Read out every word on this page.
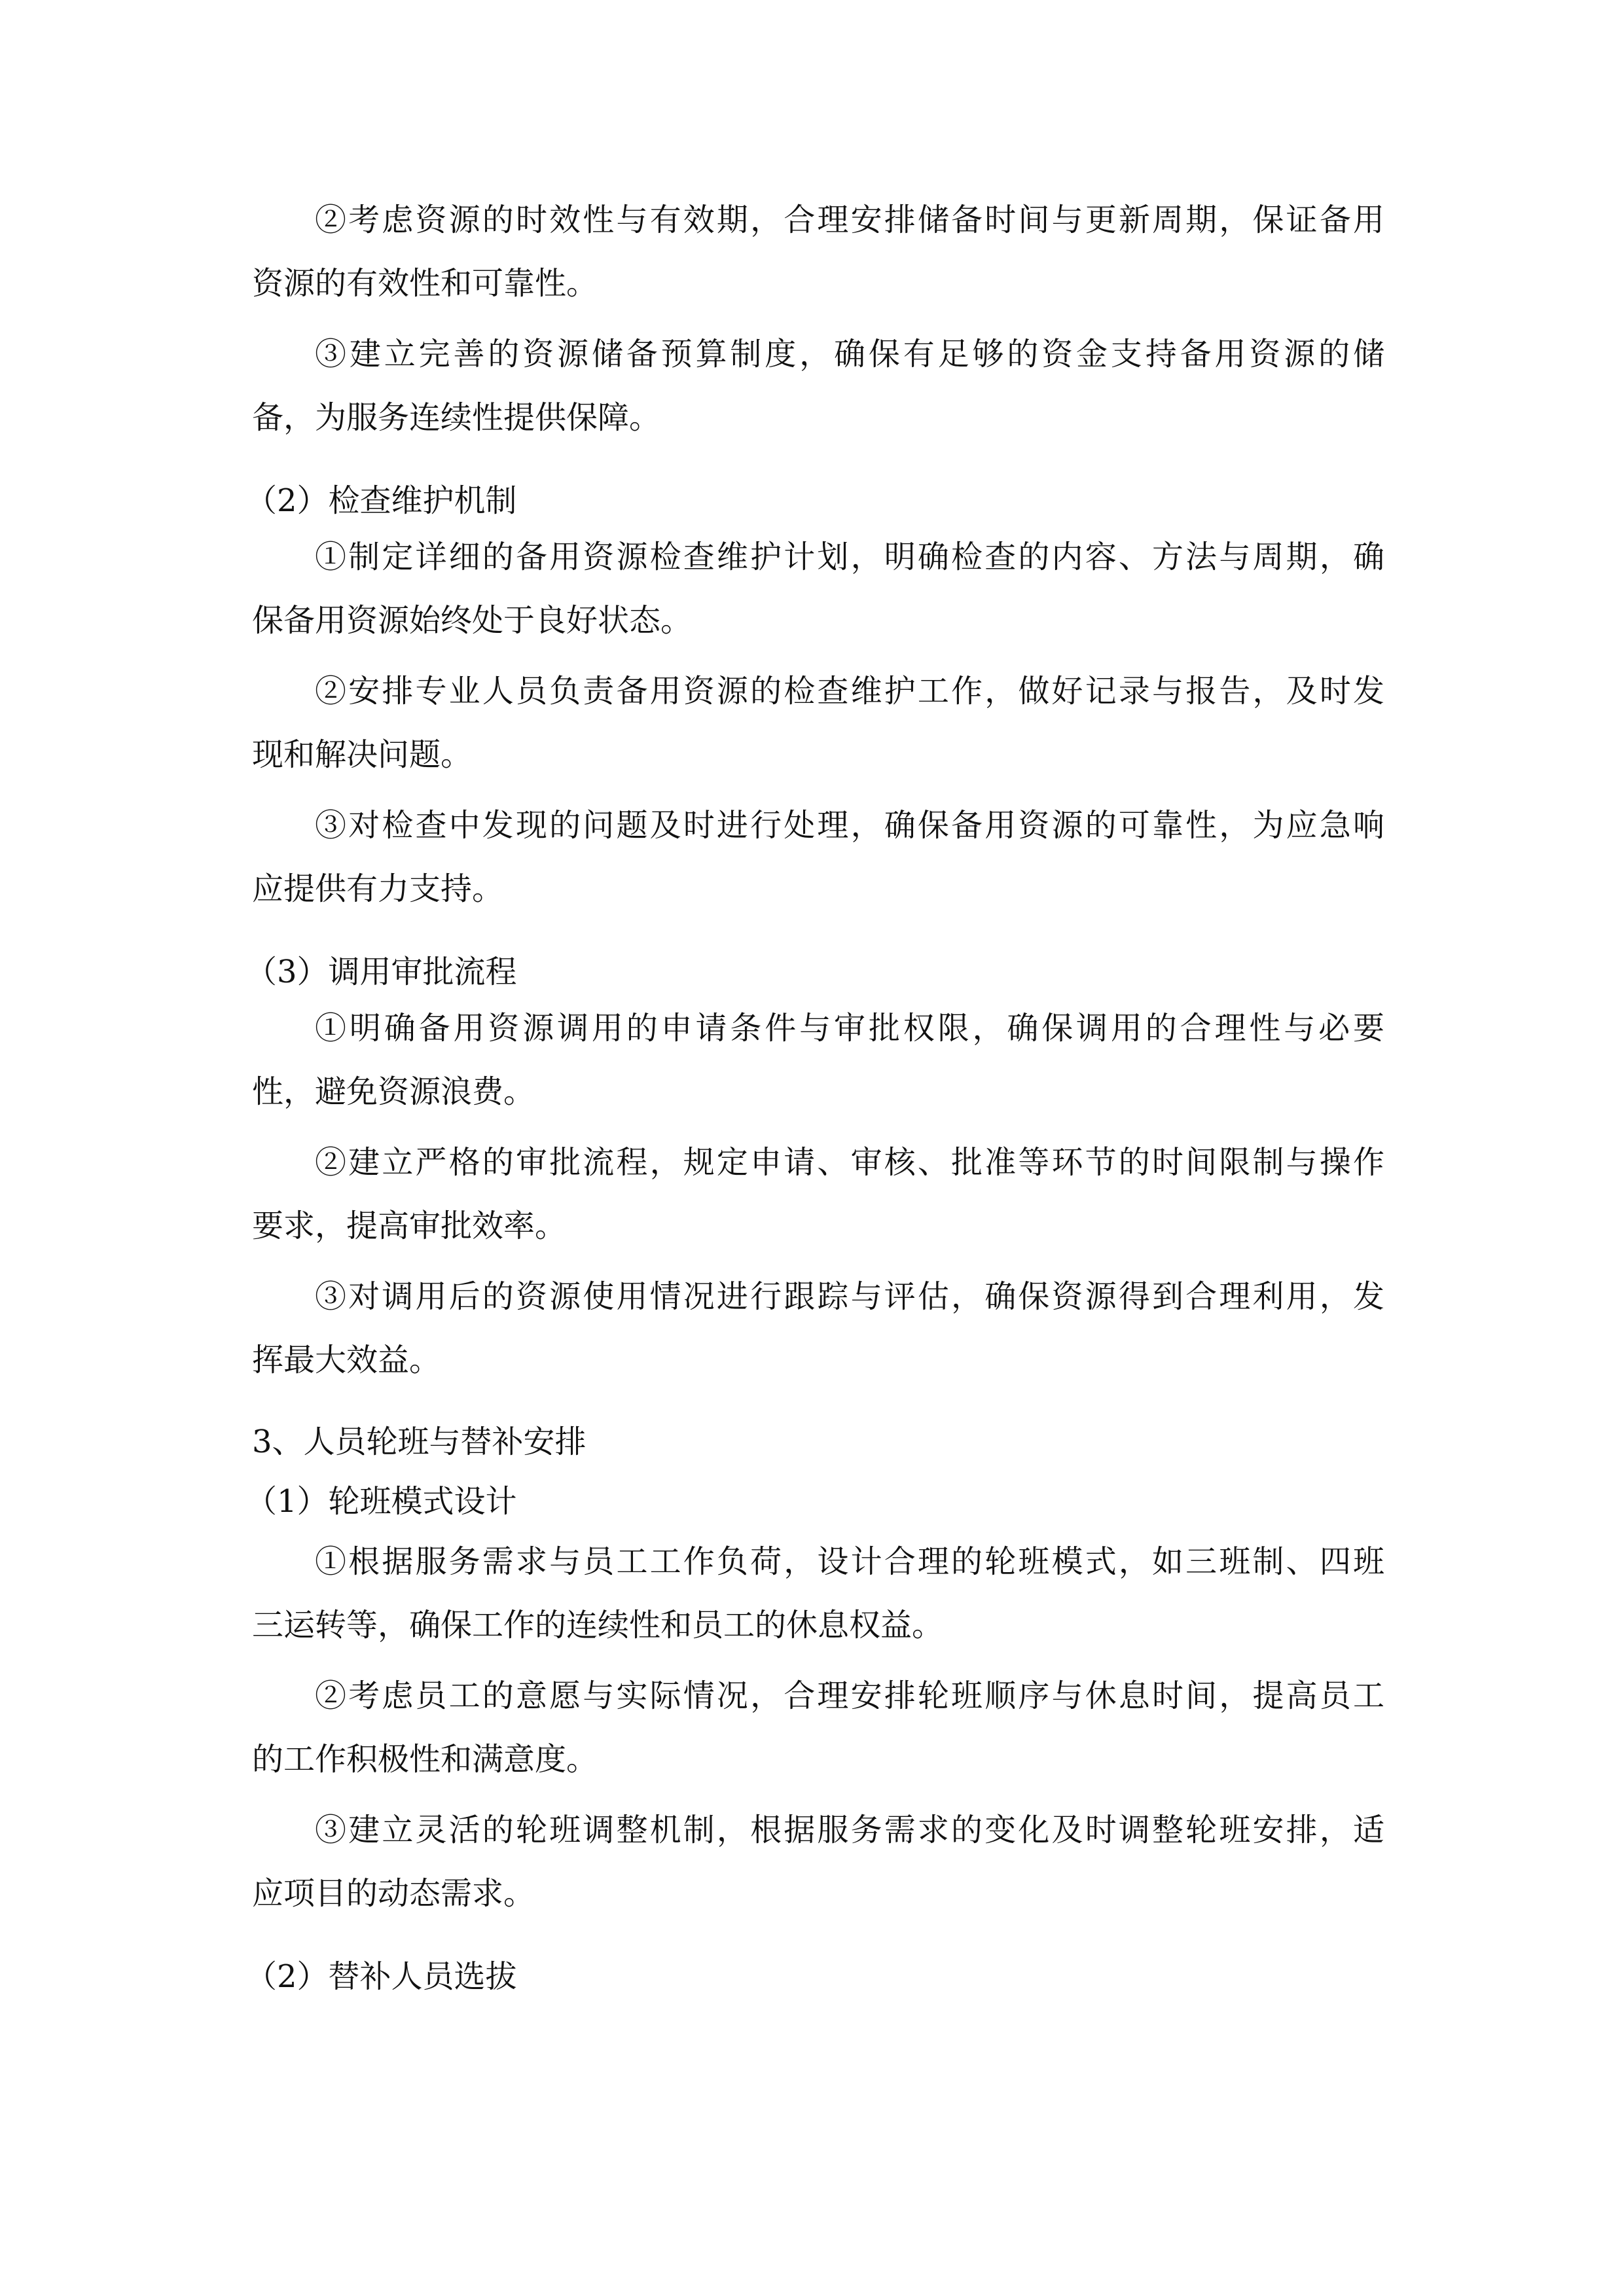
②考虑资源的时效性与有效期，合理安排储备时间与更新周期，保证备用
资源的有效性和可靠性。
③建立完善的资源储备预算制度，确保有足够的资金支持备用资源的储
备，为服务连续性提供保障。
（2）检查维护机制
①制定详细的备用资源检查维护计划，明确检查的内容、方法与周期，确
保备用资源始终处于良好状态。
②安排专业人员负责备用资源的检查维护工作，做好记录与报告，及时发
现和解决问题。
③对检查中发现的问题及时进行处理，确保备用资源的可靠性，为应急响
应提供有力支持。
（3）调用审批流程
①明确备用资源调用的申请条件与审批权限，确保调用的合理性与必要
性，避免资源浪费。
②建立严格的审批流程，规定申请、审核、批准等环节的时间限制与操作
要求，提高审批效率。
③对调用后的资源使用情况进行跟踪与评估，确保资源得到合理利用，发
挥最大效益。
3、人员轮班与替补安排
（1）轮班模式设计
①根据服务需求与员工工作负荷，设计合理的轮班模式，如三班制、四班
三运转等，确保工作的连续性和员工的休息权益。
②考虑员工的意愿与实际情况，合理安排轮班顺序与休息时间，提高员工
的工作积极性和满意度。
③建立灵活的轮班调整机制，根据服务需求的变化及时调整轮班安排，适
应项目的动态需求。
（2）替补人员选拔
